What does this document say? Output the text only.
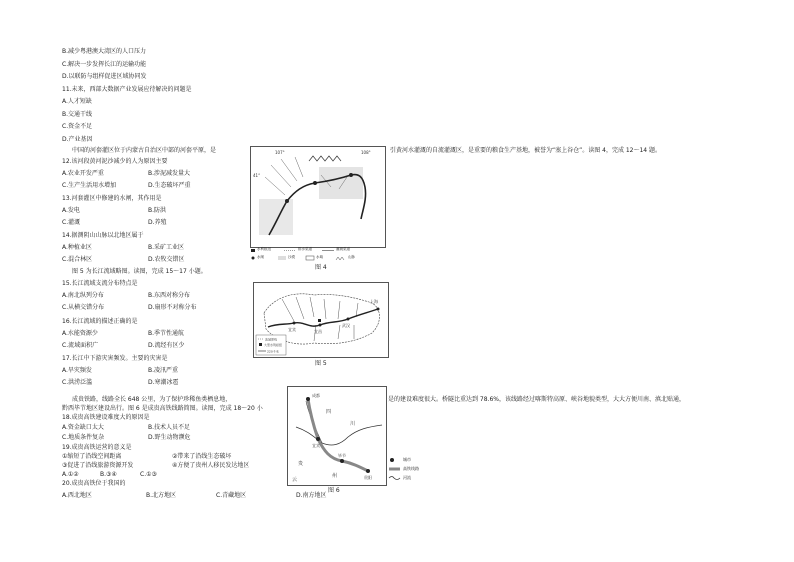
B.减少粤港澳大湾区的人口压力
C.解决一步发挥长江的运输功能
D.以联防与组样促进区域协同发
11.未来，西部大数据产业发展应待解决的问题是
A.人才短缺
B.交通干线
C.资金不足
D.产业基因
中国的河套灌区位于内蒙古自治区中部的河套平原，是
12.该河段黄河泥沙减少的人为原因主要
A.农业开发严重	B.涉泥减发量大
C.生产生活用水增加	D.生态破坏严重
13.河套灌区中修建的水闸，其作用是
A.发电	B.防洪
C.灌溉	D.养殖
14.据测阴山山脉以北地区属于
A.种植业区	B.采矿工业区
C.混合林区	D.农牧交错区
图 5 为长江流域略图。读图，完成 15～17 小题。
15.长江流域支流分布特点是
A.南北纵列分布	B.东西对称分布
C.从横交错分布	D.扇形不对称分布
16.长江流域的描述正确的是
A.水能资源少	B.季节性通航
C.流域面积广	D.流经有区少
17.长江中下游灾害频发。主要的灾害是
A.旱灾频发	B.凌汛严重
C.洪涝泛滥	D.寒潮冰雹
成贵铁路，线路全长 648 公里，为了保护珍稀鱼类栖息地，
黔西毕节地区建设出行。图 6 是成贵高铁线路简图。读图，完成 18～20 小
18.成贵高铁建设难度大的原因是
A.资金缺口太大	B.技术人员不足
C.地质条件复杂	D.野生动物濒危
19.成贵高铁运营的意义是
①缩短了沿线空间距离	②带来了沿线生态破坏
③促进了沿线旅游资源开发	④方便了贵州人移民发达地区
A.①②	B.③④	C.①③
20.成贵高铁位于我国的
A.西北地区	B.北方地区	C.青藏地区	D.南方地区
引黄河水灌溉的自流灌溉区，是重要的粮食生产基地，被誉为“塞上谷仓”。读图 4，完成 12～14 题。
是的建设难度很大。桥隧比重达到 78.6%，该线路经过喀斯特高原、峡谷地貌类型，大大方便川南、滇北贴通，
107°	108°
41°
水利枢纽	排水渠道	灌溉渠道
水闸	沙漠	水域	山脉
图 4
宜宾	宜昌
武汉
上海
流域界线
大型水利枢纽
220千米
图 5
成都
四
川
宜宾
贵
州
毕节
贵阳
云
图 6
城市
高铁线路
河流
